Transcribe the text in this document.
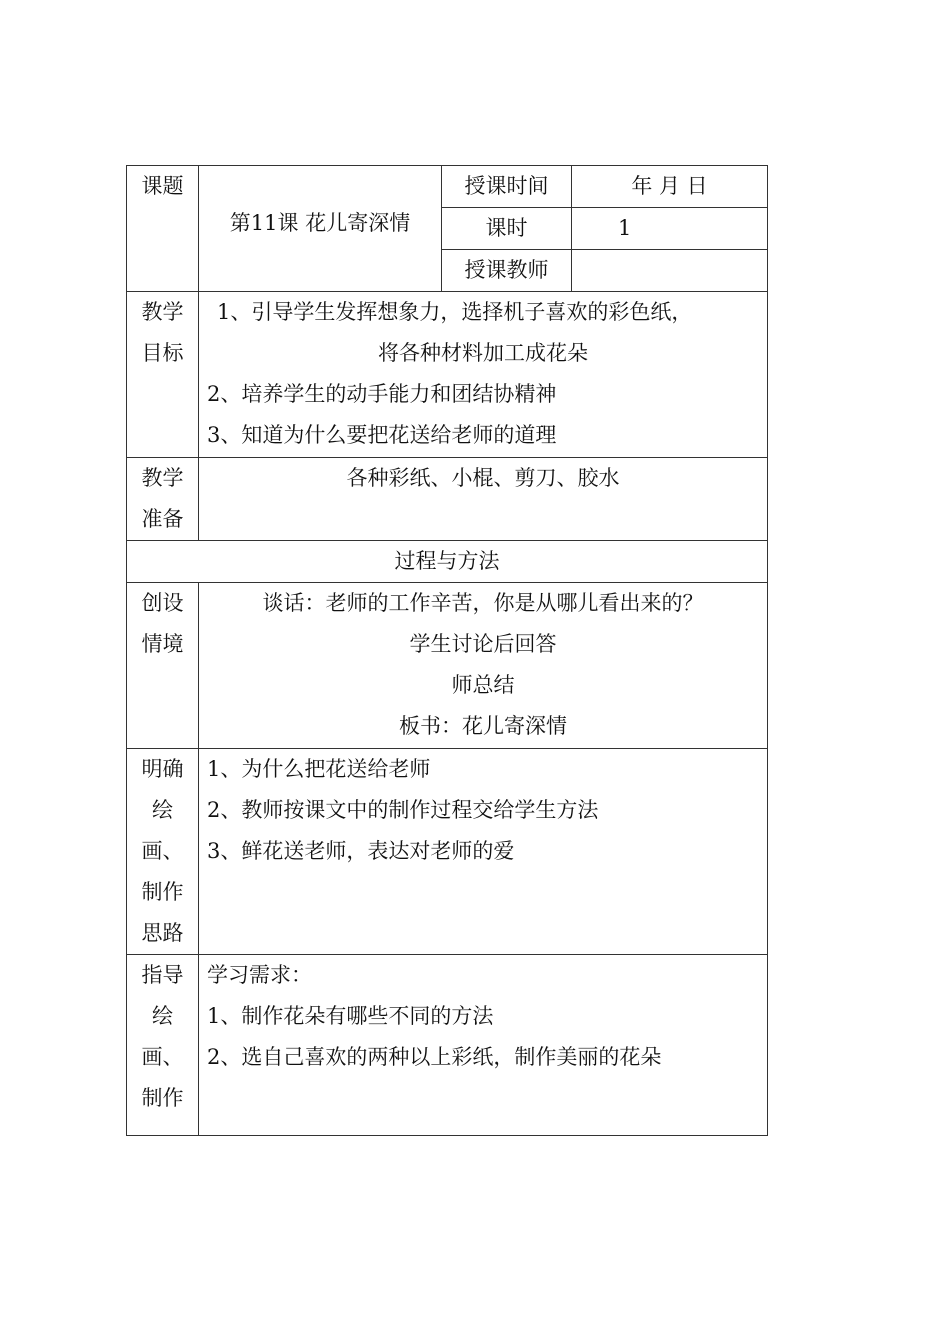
课题	第11课 花儿寄深情	授课时间	年 月 日
		课时	1
		授课教师	

教学
目标	1、引导学生发挥想象力，选择机子喜欢的彩色纸，
将各种材料加工成花朵
2、培养学生的动手能力和团结协精神
3、知道为什么要把花送给老师的道理		

教学
准备	各种彩纸、小棍、剪刀、胶水		
过程与方法			

创设
情境	谈话：老师的工作辛苦，你是从哪儿看出来的？
学生讨论后回答
师总结
板书：花儿寄深情		

明确
绘
画、
制作
思路	1、为什么把花送给老师
2、教师按课文中的制作过程交给学生方法
3、鲜花送老师，表达对老师的爱		

指导
绘
画、
制作	学习需求：
1、制作花朵有哪些不同的方法
2、选自己喜欢的两种以上彩纸，制作美丽的花朵		
